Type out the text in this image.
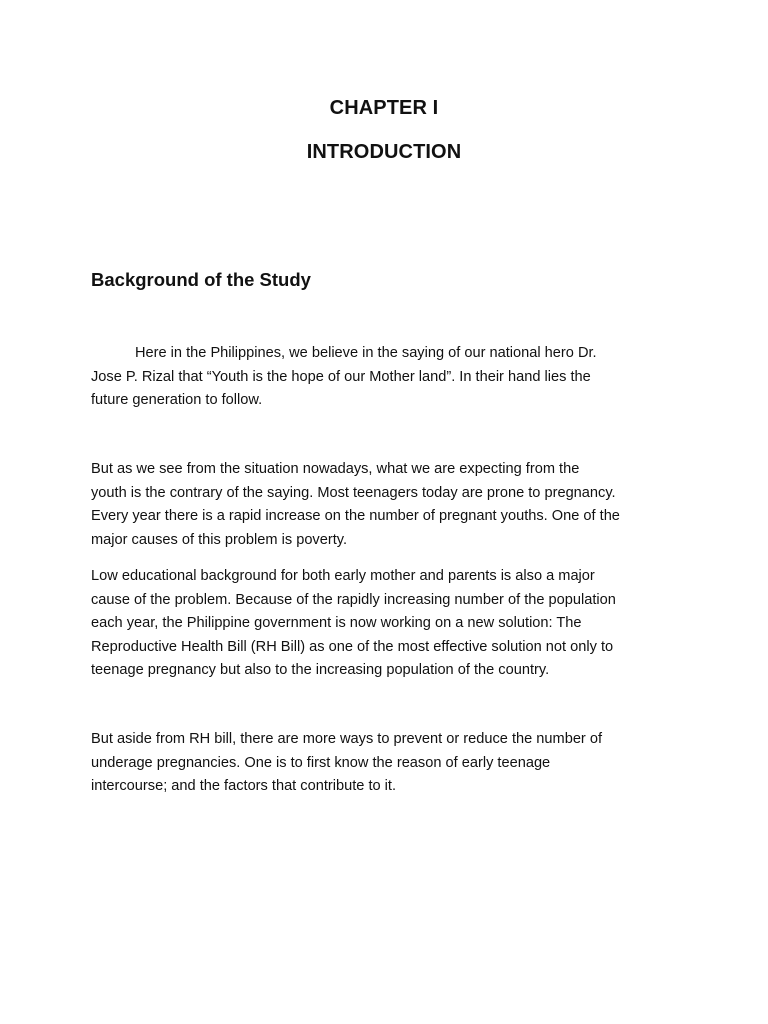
CHAPTER I
INTRODUCTION
Background of the Study

Here in the Philippines, we believe in the saying of our national hero Dr.
Jose P. Rizal that “Youth is the hope of our Mother land”. In their hand lies the
future generation to follow.

But as we see from the situation nowadays, what we are expecting from the
youth is the contrary of the saying. Most teenagers today are prone to pregnancy.
Every year there is a rapid increase on the number of pregnant youths. One of the
major causes of this problem is poverty.

Low educational background for both early mother and parents is also a major
cause of the problem. Because of the rapidly increasing number of the population
each year, the Philippine government is now working on a new solution: The
Reproductive Health Bill (RH Bill) as one of the most effective solution not only to
teenage pregnancy but also to the increasing population of the country.

But aside from RH bill, there are more ways to prevent or reduce the number of
underage pregnancies. One is to first know the reason of early teenage
intercourse; and the factors that contribute to it.
